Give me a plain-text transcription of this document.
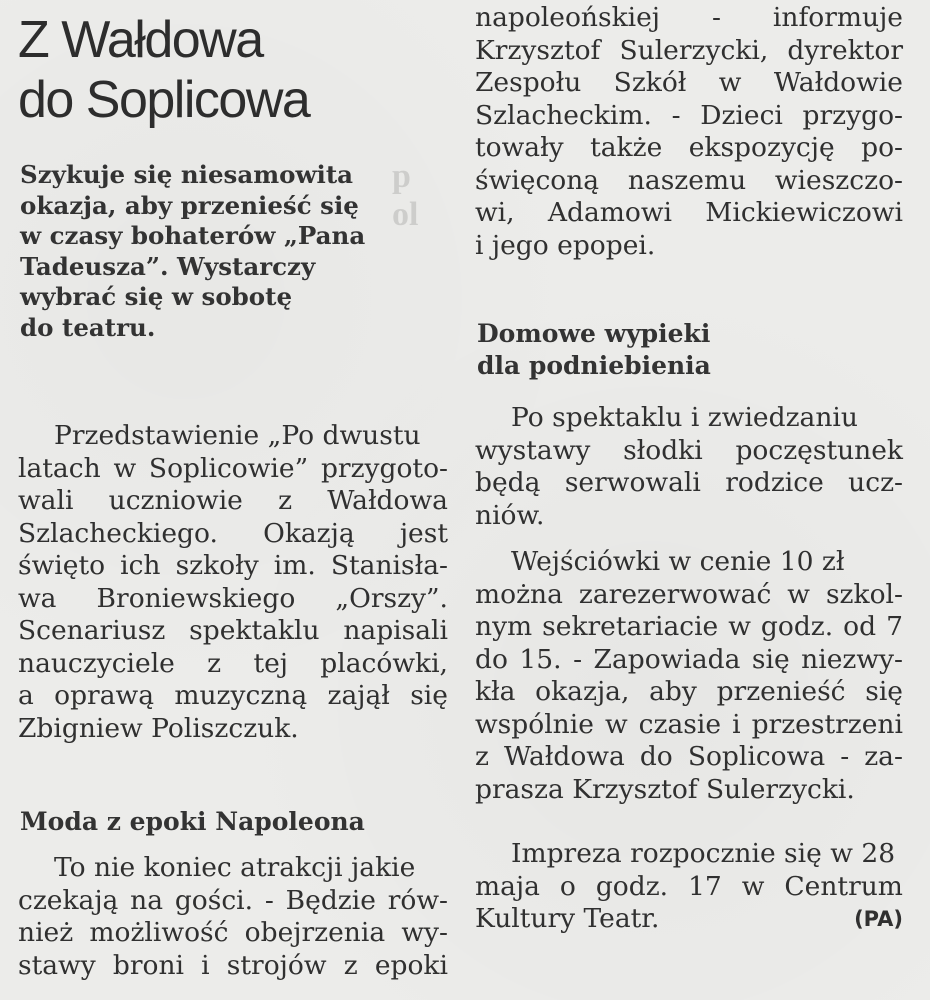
p
ol
Z Wałdowa
do Soplicowa
Szykuje się niesamowita
okazja, aby przenieść się
w czasy bohaterów „Pana
Tadeusza”. Wystarczy
wybrać się w sobotę
do teatru.
Przedstawienie „Po dwustu
latach w Soplicowie” przygoto-
wali uczniowie z Wałdowa
Szlacheckiego. Okazją jest
święto ich szkoły im. Stanisła-
wa Broniewskiego „Orszy”.
Scenariusz spektaklu napisali
nauczyciele z tej placówki,
a oprawą muzyczną zajął się
Zbigniew Poliszczuk.
Moda z epoki Napoleona
To nie koniec atrakcji jakie
czekają na gości. - Będzie rów-
nież możliwość obejrzenia wy-
stawy broni i strojów z epoki
napoleońskiej - informuje
Krzysztof Sulerzycki, dyrektor
Zespołu Szkół w Wałdowie
Szlacheckim. - Dzieci przygo-
towały także ekspozycję po-
święconą naszemu wieszczo-
wi, Adamowi Mickiewiczowi
i jego epopei.
Domowe wypieki
dla podniebienia
Po spektaklu i zwiedzaniu
wystawy słodki poczęstunek
będą serwowali rodzice ucz-
niów.
Wejściówki w cenie 10 zł
można zarezerwować w szkol-
nym sekretariacie w godz. od 7
do 15. - Zapowiada się niezwy-
kła okazja, aby przenieść się
wspólnie w czasie i przestrzeni
z Wałdowa do Soplicowa - za-
prasza Krzysztof Sulerzycki.
Impreza rozpocznie się w 28
maja o godz. 17 w Centrum
Kultury Teatr.	(PA)
